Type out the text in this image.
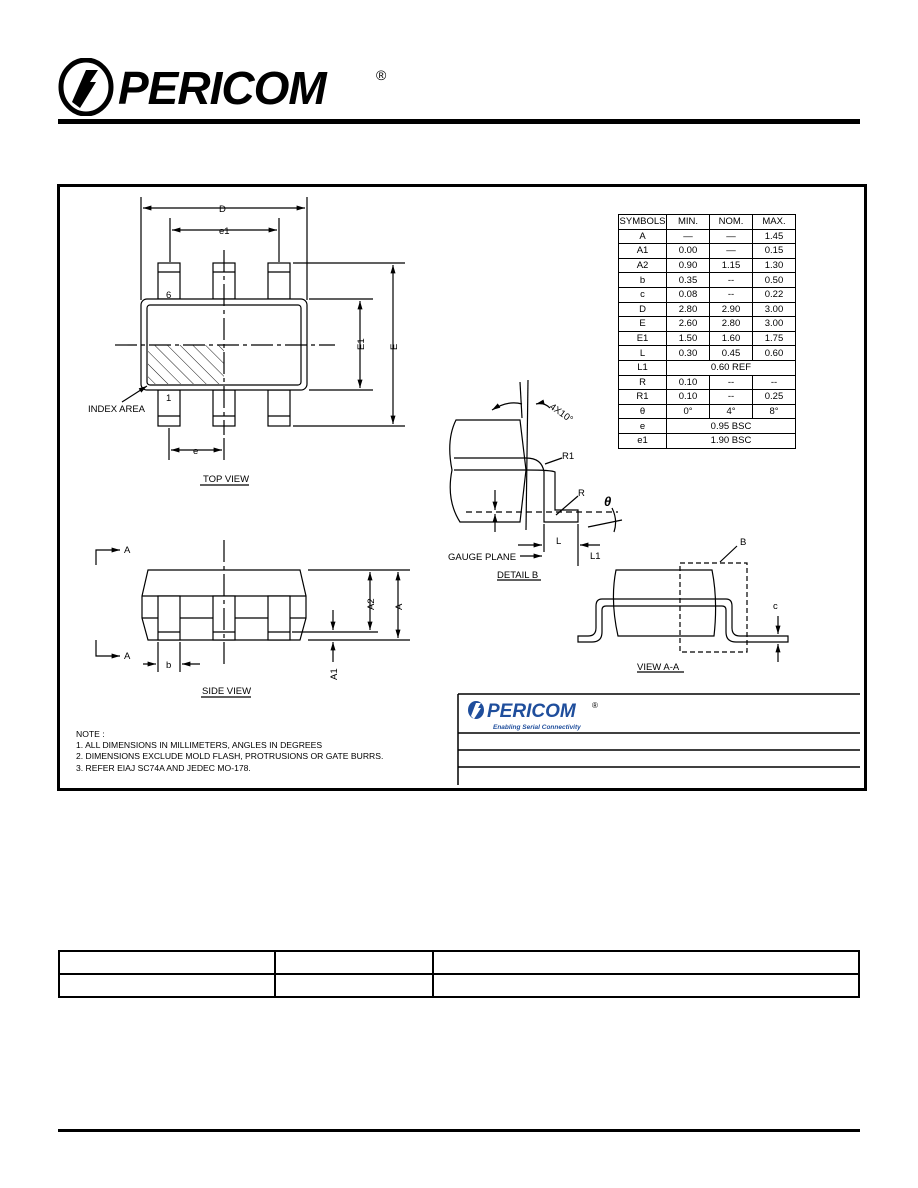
PERICOM	®
D
e1
E1 E
6
1
INDEX AREA
e
TOP VIEW
A
A
A2 A
A1
b
SIDE VIEW
4X10°
R1
R
θ
GAUGE PLANE
L
L1
DETAIL B
B
c
VIEW A-A
NOTE :
1. ALL DIMENSIONS IN MILLIMETERS, ANGLES IN DEGREES
2. DIMENSIONS EXCLUDE MOLD FLASH, PROTRUSIONS OR GATE BURRS.
3. REFER EIAJ SC74A AND JEDEC MO-178.
PERICOM ®
Enabling Serial Connectivity
SYMBOLS	MIN.	NOM.	MAX.
A	—	—	1.45
A1	0.00	—	0.15
A2	0.90	1.15	1.30
b	0.35	--	0.50
c	0.08	--	0.22
D	2.80	2.90	3.00
E	2.60	2.80	3.00
E1	1.50	1.60	1.75
L	0.30	0.45	0.60
L1	0.60 REF		
R	0.10	--	--
R1	0.10	--	0.25
θ	0°	4°	8°
e	0.95 BSC		
e1	1.90 BSC		
